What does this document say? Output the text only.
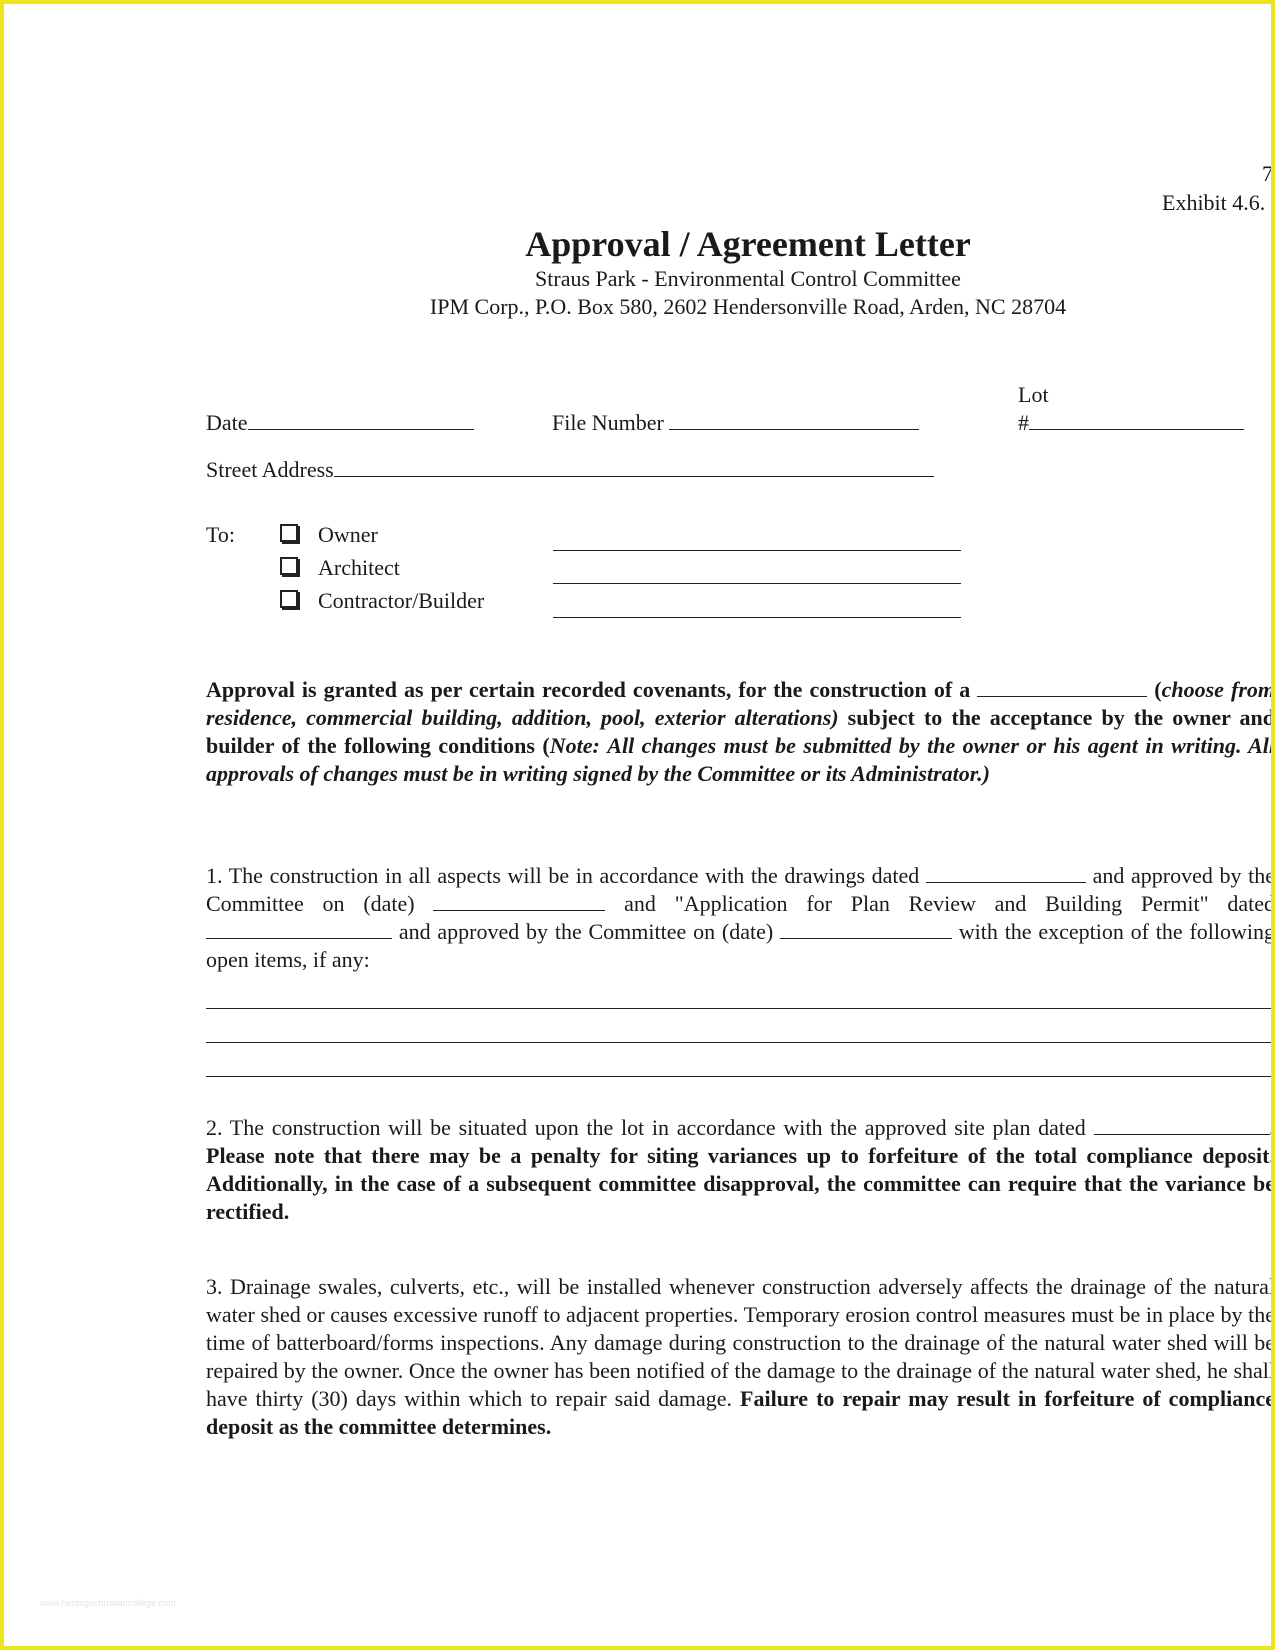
7
Exhibit 4.6.
Approval / Agreement Letter
Straus Park - Environmental Control Committee
IPM Corp., P.O. Box 580, 2602 Hendersonville Road, Arden, NC 28704
Date	File Number
Lot
#
Street Address
To:	Owner
Architect
Contractor/Builder

Approval is granted as per certain recorded covenants, for the construction of a	(choose from residence, commercial building, addition, pool, exterior alterations) subject to the acceptance by the owner and builder of the following conditions (Note: All changes must be submitted by the owner or his agent in writing. All approvals of changes must be in writing signed by the Committee or its Administrator.)

1. The construction in all aspects will be in accordance with the drawings dated	and approved by the Committee on (date)	and "Application for Plan Review and Building Permit" dated  and approved by the Committee on (date)	with the exception of the following open items, if any:

2. The construction will be situated upon the lot in accordance with the approved site plan dated	. Please note that there may be a penalty for siting variances up to forfeiture of the total compliance deposit. Additionally, in the case of a subsequent committee disapproval, the committee can require that the variance be rectified.

3. Drainage swales, culverts, etc., will be installed whenever construction adversely affects the drainage of the natural water shed or causes excessive runoff to adjacent properties. Temporary erosion control measures must be in place by the time of batterboard/forms inspections. Any damage during construction to the drainage of the natural water shed will be repaired by the owner. Once the owner has been notified of the damage to the drainage of the natural water shed, he shall have thirty (30) days within which to repair said damage. Failure to repair may result in forfeiture of compliance deposit as the committee determines.

www.heritagechristiancollege.com
